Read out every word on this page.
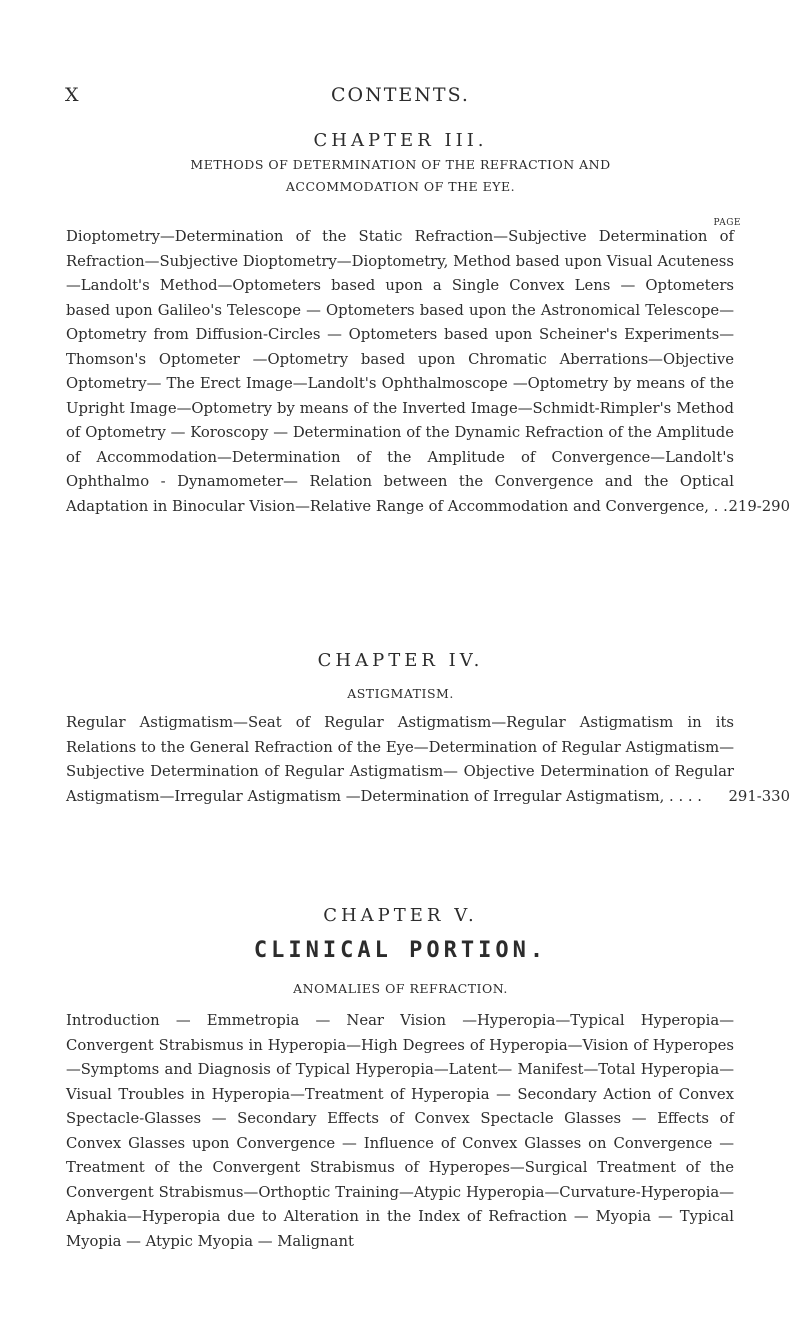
X	CONTENTS.
CHAPTER III.
METHODS OF DETERMINATION OF THE REFRACTION AND
ACCOMMODATION OF THE EYE.
PAGE
Dioptometry—Determination of the Static Refraction—Subjective Determination of Refraction—Subjective Dioptometry—Dioptometry, Method based upon Visual Acuteness—Landolt's Method—Optometers based upon a Single Convex Lens — Optometers based upon Galileo's Telescope — Optometers based upon the Astronomical Telescope—Optometry from Diffusion-Circles — Optometers based upon Scheiner's Experiments—Thomson's Optometer —Optometry based upon Chromatic Aberrations—Objective Optometry— The Erect Image—Landolt's Ophthalmoscope —Optometry by means of the Upright Image—Optometry by means of the Inverted Image—Schmidt-Rimpler's Method of Optometry — Koroscopy — Determination of the Dynamic Refraction of the Amplitude of Accommodation—Determination of the Amplitude of Convergence—Landolt's Ophthalmo - Dynamometer— Relation between the Convergence and the Optical Adaptation in Binocular Vision—Relative Range of Accommodation and Convergence, . . 219-290
CHAPTER IV.
ASTIGMATISM.
Regular Astigmatism—Seat of Regular Astigmatism—Regular Astigmatism in its Relations to the General Refraction of the Eye—Determination of Regular Astigmatism—Subjective Determination of Regular Astigmatism— Objective Determination of Regular Astigmatism—Irregular Astigmatism —Determination of Irregular Astigmatism, . . . . 291-330
CHAPTER V.
CLINICAL PORTION.
ANOMALIES OF REFRACTION.
Introduction — Emmetropia — Near Vision —Hyperopia—Typical Hyperopia— Convergent Strabismus in Hyperopia—High Degrees of Hyperopia—Vision of Hyperopes—Symptoms and Diagnosis of Typical Hyperopia—Latent— Manifest—Total Hyperopia—Visual Troubles in Hyperopia—Treatment of Hyperopia — Secondary Action of Convex Spectacle-Glasses — Secondary Effects of Convex Spectacle Glasses — Effects of Convex Glasses upon Convergence — Influence of Convex Glasses on Convergence — Treatment of the Convergent Strabismus of Hyperopes—Surgical Treatment of the Convergent Strabismus—Orthoptic Training—Atypic Hyperopia—Curvature-Hyperopia—Aphakia—Hyperopia due to Alteration in the Index of Refraction — Myopia — Typical Myopia — Atypic Myopia — Malignant
